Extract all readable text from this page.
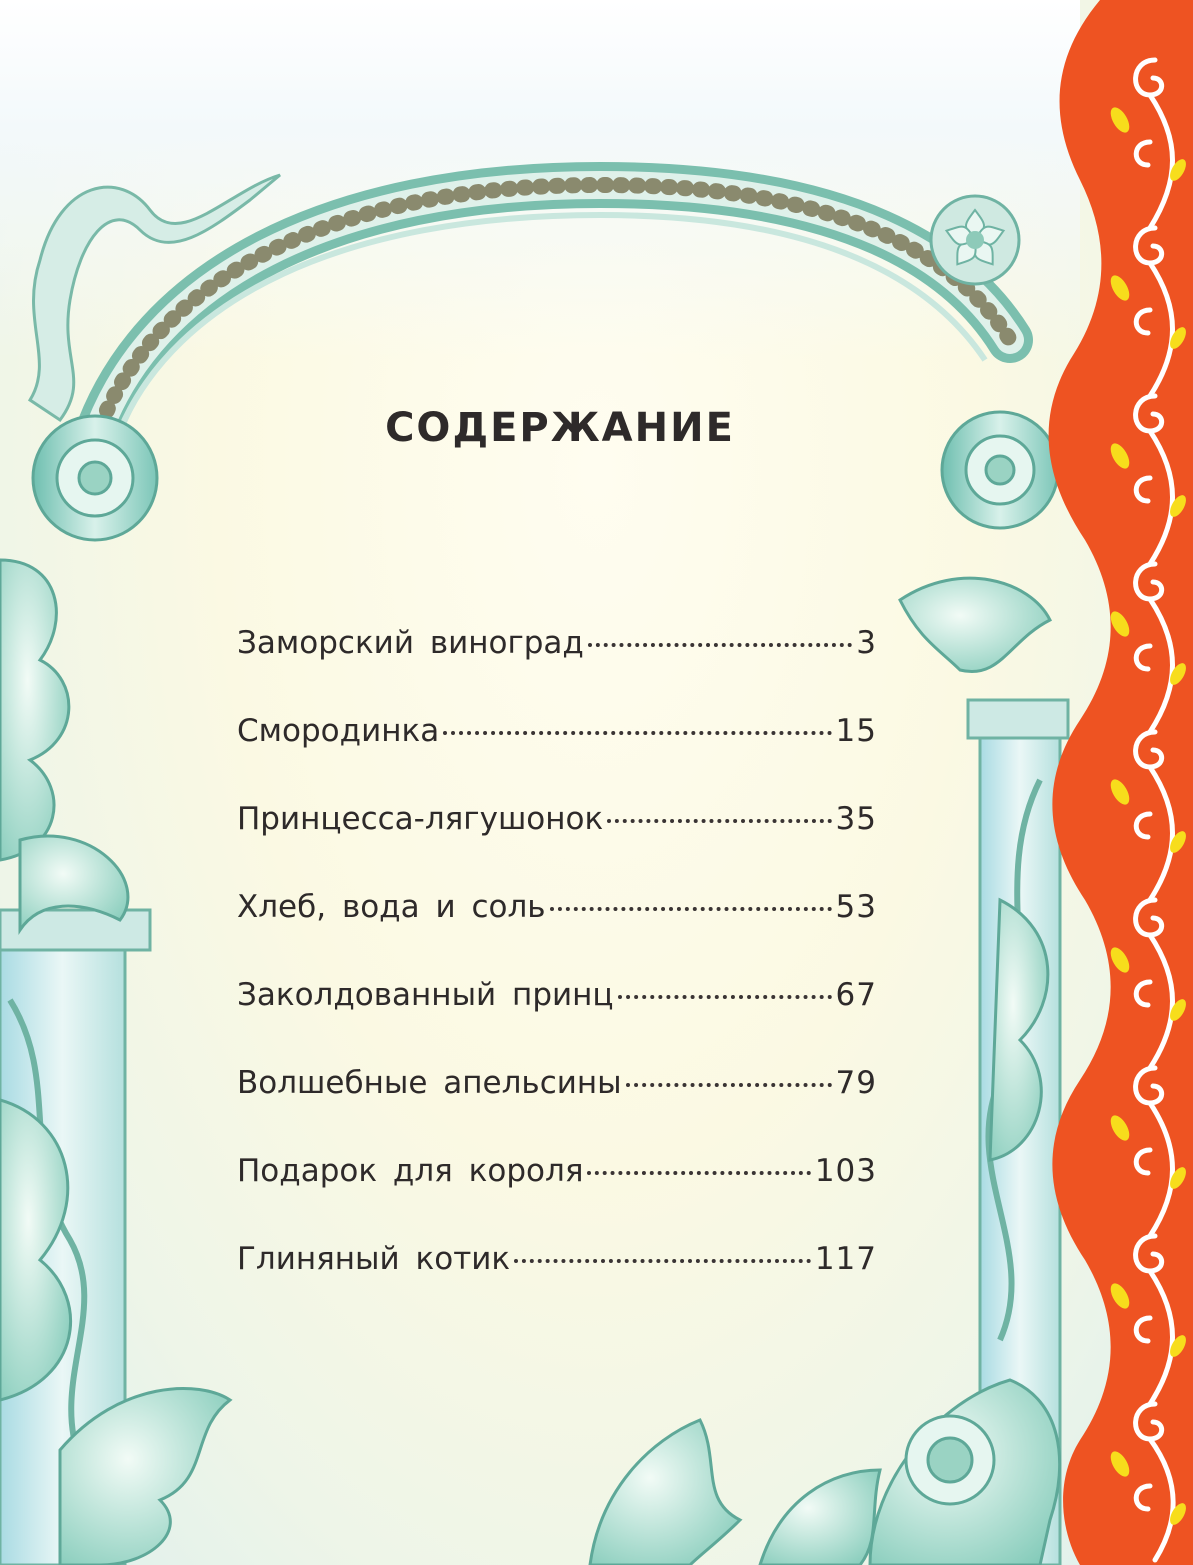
СОДЕРЖАНИЕ
Заморский виноград	3
Смородинка	15
Принцесса-лягушонок	35
Хлеб, вода и соль	53
Заколдованный принц	67
Волшебные апельсины	79
Подарок для короля	103
Глиняный котик	117
